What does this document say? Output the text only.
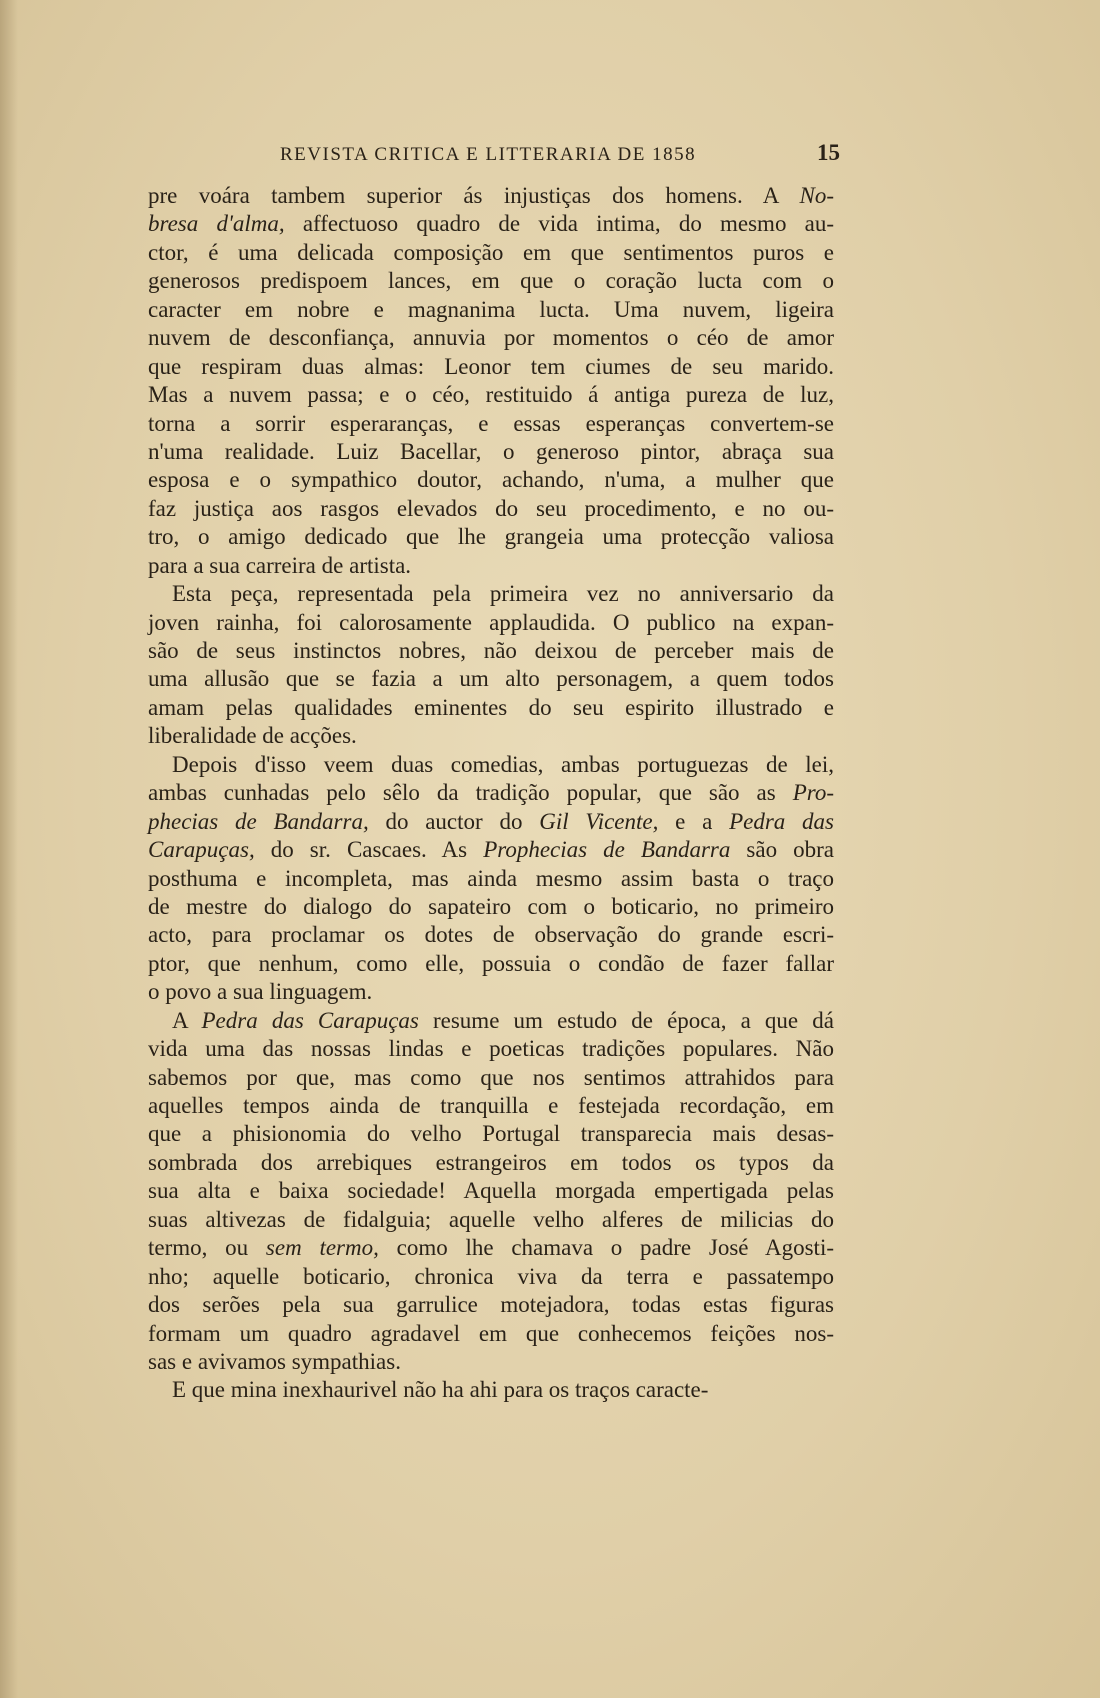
REVISTA CRITICA E LITTERARIA DE 1858	15
pre voára tambem superior ás injustiças dos homens. A No-
bresa d'alma, affectuoso quadro de vida intima, do mesmo au-
ctor, é uma delicada composição em que sentimentos puros e
generosos predispoem lances, em que o coração lucta com o
caracter em nobre e magnanima lucta. Uma nuvem, ligeira
nuvem de desconfiança, annuvia por momentos o céo de amor
que respiram duas almas: Leonor tem ciumes de seu marido.
Mas a nuvem passa; e o céo, restituido á antiga pureza de luz,
torna a sorrir esperaranças, e essas esperanças convertem-se
n'uma realidade. Luiz Bacellar, o generoso pintor, abraça sua
esposa e o sympathico doutor, achando, n'uma, a mulher que
faz justiça aos rasgos elevados do seu procedimento, e no ou-
tro, o amigo dedicado que lhe grangeia uma protecção valiosa
para a sua carreira de artista.
Esta peça, representada pela primeira vez no anniversario da
joven rainha, foi calorosamente applaudida. O publico na expan-
são de seus instinctos nobres, não deixou de perceber mais de
uma allusão que se fazia a um alto personagem, a quem todos
amam pelas qualidades eminentes do seu espirito illustrado e
liberalidade de acções.
Depois d'isso veem duas comedias, ambas portuguezas de lei,
ambas cunhadas pelo sêlo da tradição popular, que são as Pro-
phecias de Bandarra, do auctor do Gil Vicente, e a Pedra das
Carapuças, do sr. Cascaes. As Prophecias de Bandarra são obra
posthuma e incompleta, mas ainda mesmo assim basta o traço
de mestre do dialogo do sapateiro com o boticario, no primeiro
acto, para proclamar os dotes de observação do grande escri-
ptor, que nenhum, como elle, possuia o condão de fazer fallar
o povo a sua linguagem.
A Pedra das Carapuças resume um estudo de época, a que dá
vida uma das nossas lindas e poeticas tradições populares. Não
sabemos por que, mas como que nos sentimos attrahidos para
aquelles tempos ainda de tranquilla e festejada recordação, em
que a phisionomia do velho Portugal transparecia mais desas-
sombrada dos arrebiques estrangeiros em todos os typos da
sua alta e baixa sociedade! Aquella morgada empertigada pelas
suas altivezas de fidalguia; aquelle velho alferes de milicias do
termo, ou sem termo, como lhe chamava o padre José Agosti-
nho; aquelle boticario, chronica viva da terra e passatempo
dos serões pela sua garrulice motejadora, todas estas figuras
formam um quadro agradavel em que conhecemos feições nos-
sas e avivamos sympathias.
E que mina inexhaurivel não ha ahi para os traços caracte-
